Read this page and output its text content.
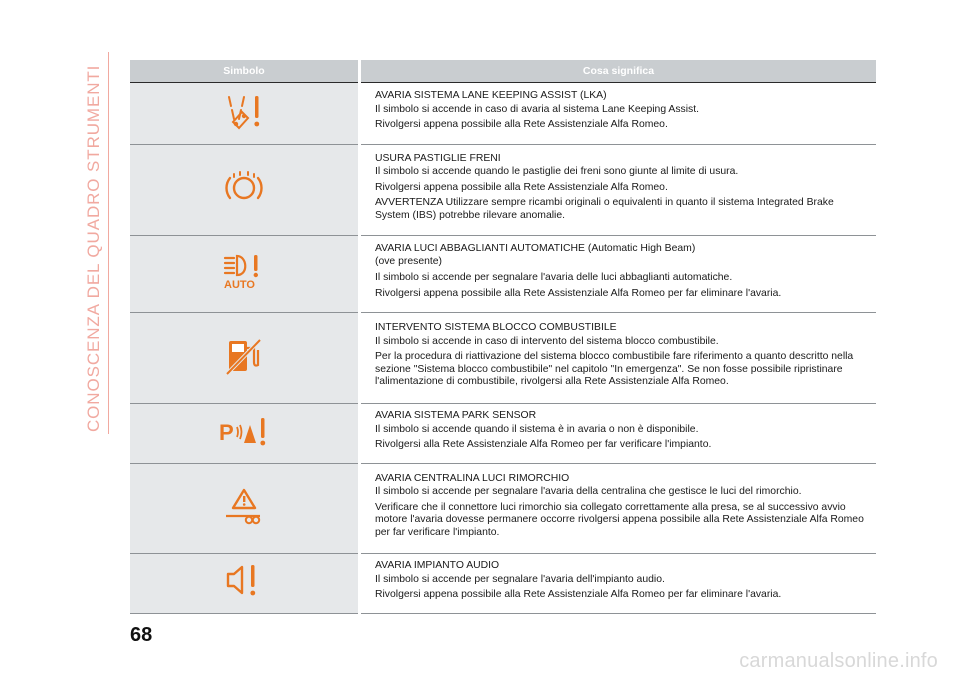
CONOSCENZA DEL QUADRO STRUMENTI	Simbolo	Cosa significa

AVARIA SISTEMA LANE KEEPING ASSIST (LKA)

Il simbolo si accende in caso di avaria al sistema Lane Keeping Assist.

Rivolgersi appena possibile alla Rete Assistenziale Alfa Romeo.

USURA PASTIGLIE FRENI

Il simbolo si accende quando le pastiglie dei freni sono giunte al limite di usura.

Rivolgersi appena possibile alla Rete Assistenziale Alfa Romeo.

AVVERTENZA Utilizzare sempre ricambi originali o equivalenti in quanto il sistema Integrated Brake System (IBS) potrebbe rilevare anomalie.

AUTO	AVARIA LUCI ABBAGLIANTI AUTOMATICHE (Automatic High Beam)

(ove presente)

Il simbolo si accende per segnalare l'avaria delle luci abbaglianti automatiche.

Rivolgersi appena possibile alla Rete Assistenziale Alfa Romeo per far eliminare l'avaria.

INTERVENTO SISTEMA BLOCCO COMBUSTIBILE

Il simbolo si accende in caso di intervento del sistema blocco combustibile.

Per la procedura di riattivazione del sistema blocco combustibile fare riferimento a quanto descritto nella sezione "Sistema blocco combustibile" nel capitolo "In emergenza". Se non fosse possibile ripristinare l'alimentazione di combustibile, rivolgersi alla Rete Assistenziale Alfa Romeo.

P	AVARIA SISTEMA PARK SENSOR

Il simbolo si accende quando il sistema è in avaria o non è disponibile.

Rivolgersi alla Rete Assistenziale Alfa Romeo per far verificare l'impianto.

AVARIA CENTRALINA LUCI RIMORCHIO

Il simbolo si accende per segnalare l'avaria della centralina che gestisce le luci del rimorchio.

Verificare che il connettore luci rimorchio sia collegato correttamente alla presa, se al successivo avvio motore l'avaria dovesse permanere occorre rivolgersi appena possibile alla Rete Assistenziale Alfa Romeo per far verificare l'impianto.

AVARIA IMPIANTO AUDIO

Il simbolo si accende per segnalare l'avaria dell'impianto audio.

Rivolgersi appena possibile alla Rete Assistenziale Alfa Romeo per far eliminare l'avaria.

68
carmanualsonline.info
